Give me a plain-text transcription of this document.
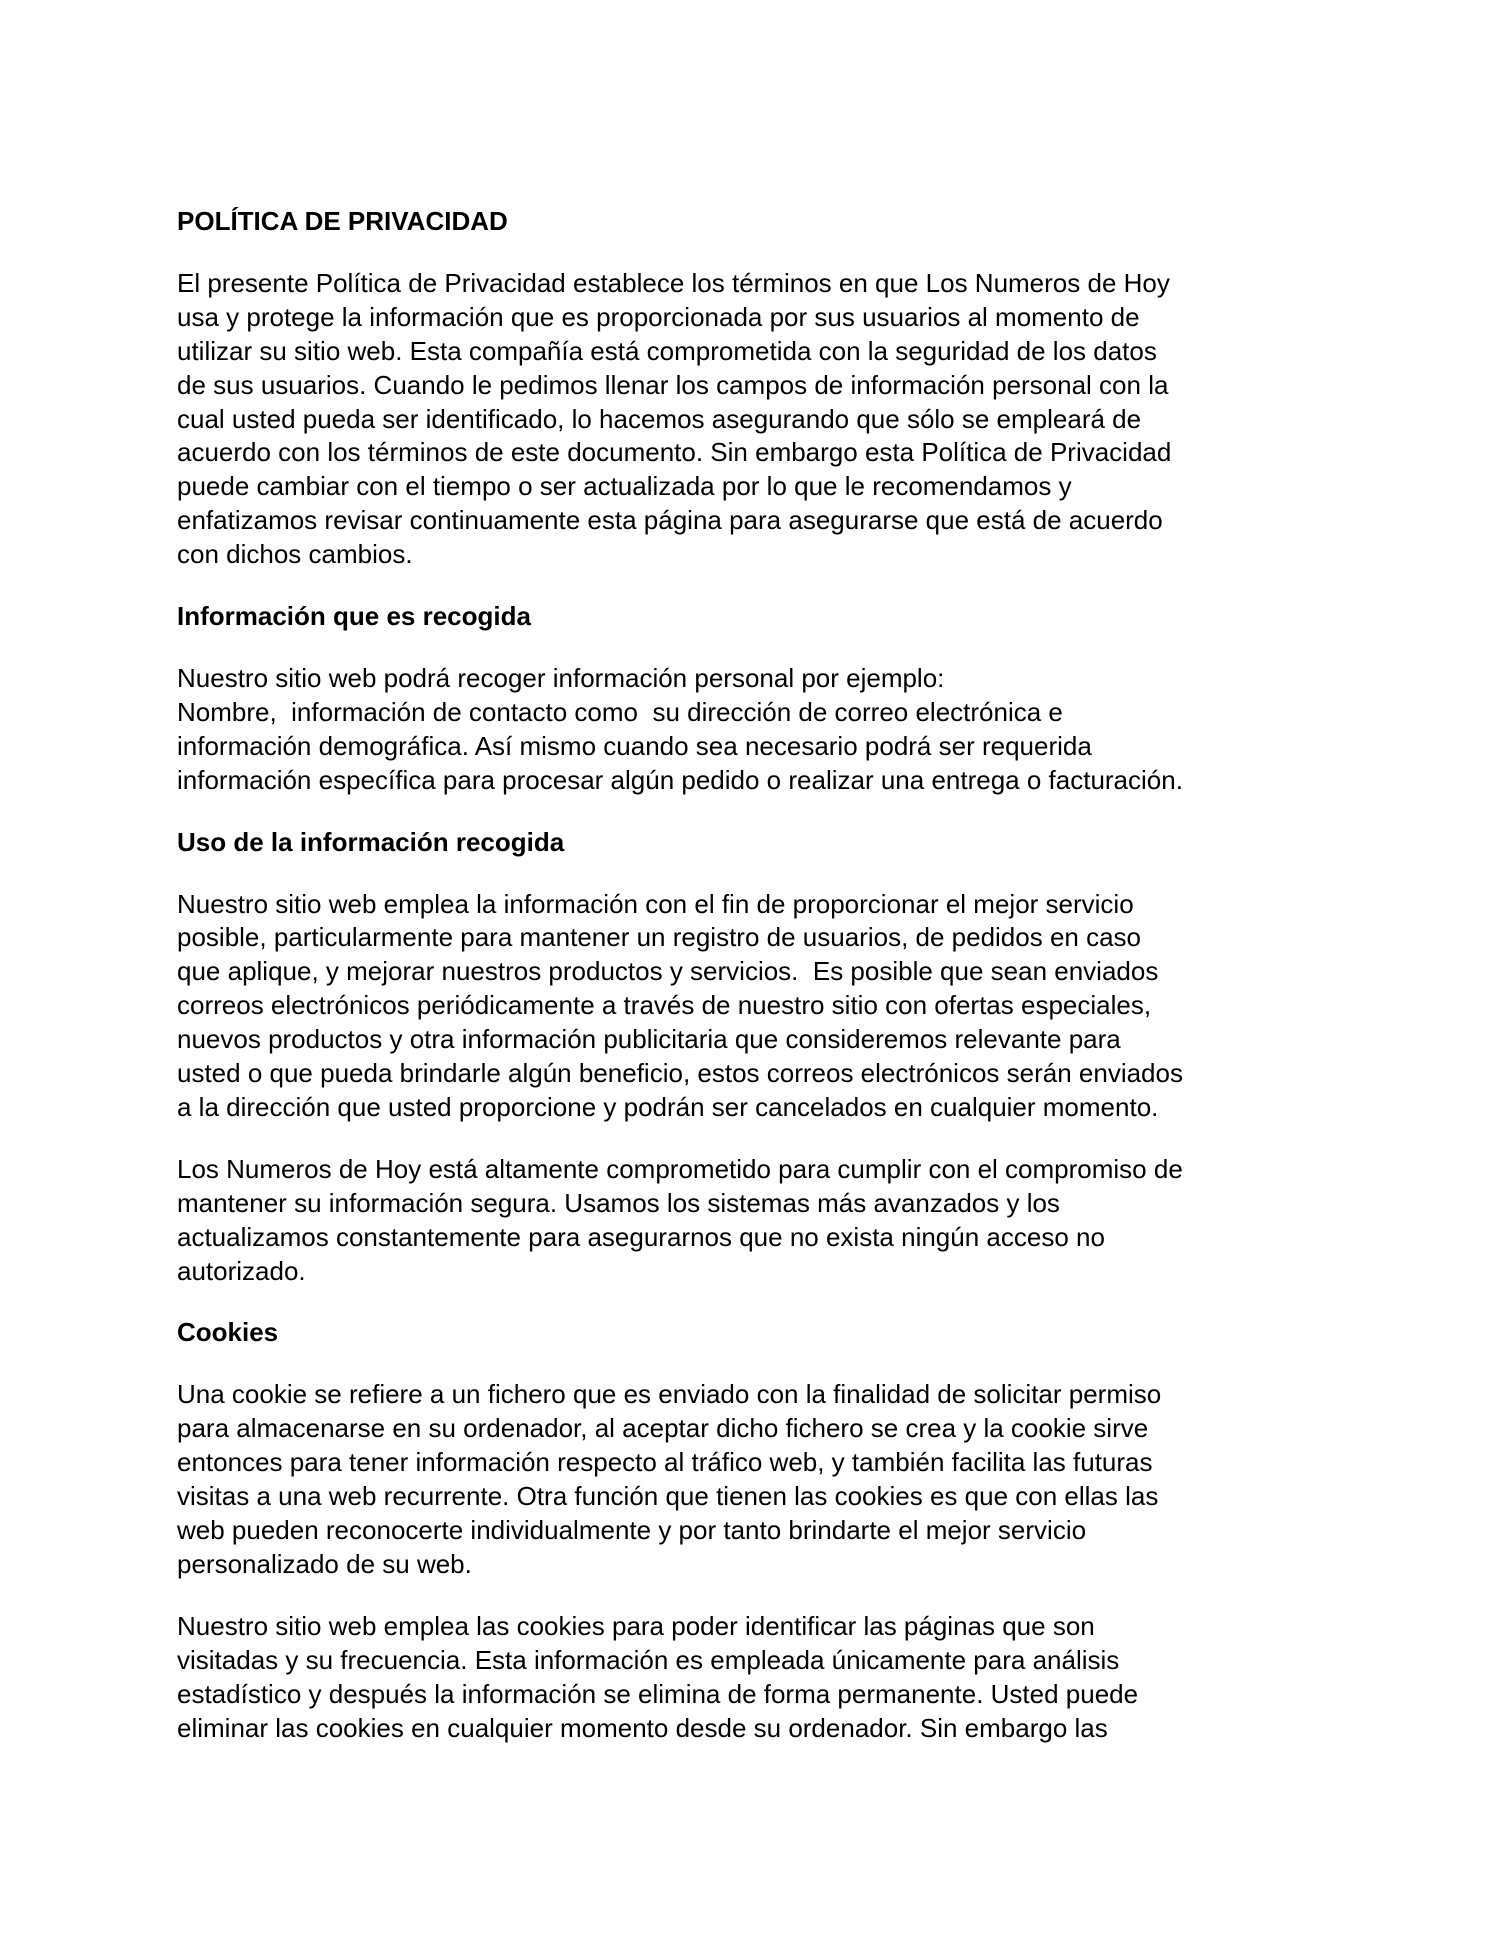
POLÍTICA DE PRIVACIDAD
El presente Política de Privacidad establece los términos en que Los Numeros de Hoy
usa y protege la información que es proporcionada por sus usuarios al momento de
utilizar su sitio web. Esta compañía está comprometida con la seguridad de los datos
de sus usuarios. Cuando le pedimos llenar los campos de información personal con la
cual usted pueda ser identificado, lo hacemos asegurando que sólo se empleará de
acuerdo con los términos de este documento. Sin embargo esta Política de Privacidad
puede cambiar con el tiempo o ser actualizada por lo que le recomendamos y
enfatizamos revisar continuamente esta página para asegurarse que está de acuerdo
con dichos cambios.
Información que es recogida
Nuestro sitio web podrá recoger información personal por ejemplo:
Nombre,  información de contacto como  su dirección de correo electrónica e
información demográfica. Así mismo cuando sea necesario podrá ser requerida
información específica para procesar algún pedido o realizar una entrega o facturación.
Uso de la información recogida
Nuestro sitio web emplea la información con el fin de proporcionar el mejor servicio
posible, particularmente para mantener un registro de usuarios, de pedidos en caso
que aplique, y mejorar nuestros productos y servicios.  Es posible que sean enviados
correos electrónicos periódicamente a través de nuestro sitio con ofertas especiales,
nuevos productos y otra información publicitaria que consideremos relevante para
usted o que pueda brindarle algún beneficio, estos correos electrónicos serán enviados
a la dirección que usted proporcione y podrán ser cancelados en cualquier momento.
Los Numeros de Hoy está altamente comprometido para cumplir con el compromiso de
mantener su información segura. Usamos los sistemas más avanzados y los
actualizamos constantemente para asegurarnos que no exista ningún acceso no
autorizado.
Cookies
Una cookie se refiere a un fichero que es enviado con la finalidad de solicitar permiso
para almacenarse en su ordenador, al aceptar dicho fichero se crea y la cookie sirve
entonces para tener información respecto al tráfico web, y también facilita las futuras
visitas a una web recurrente. Otra función que tienen las cookies es que con ellas las
web pueden reconocerte individualmente y por tanto brindarte el mejor servicio
personalizado de su web.
Nuestro sitio web emplea las cookies para poder identificar las páginas que son
visitadas y su frecuencia. Esta información es empleada únicamente para análisis
estadístico y después la información se elimina de forma permanente. Usted puede
eliminar las cookies en cualquier momento desde su ordenador. Sin embargo las
